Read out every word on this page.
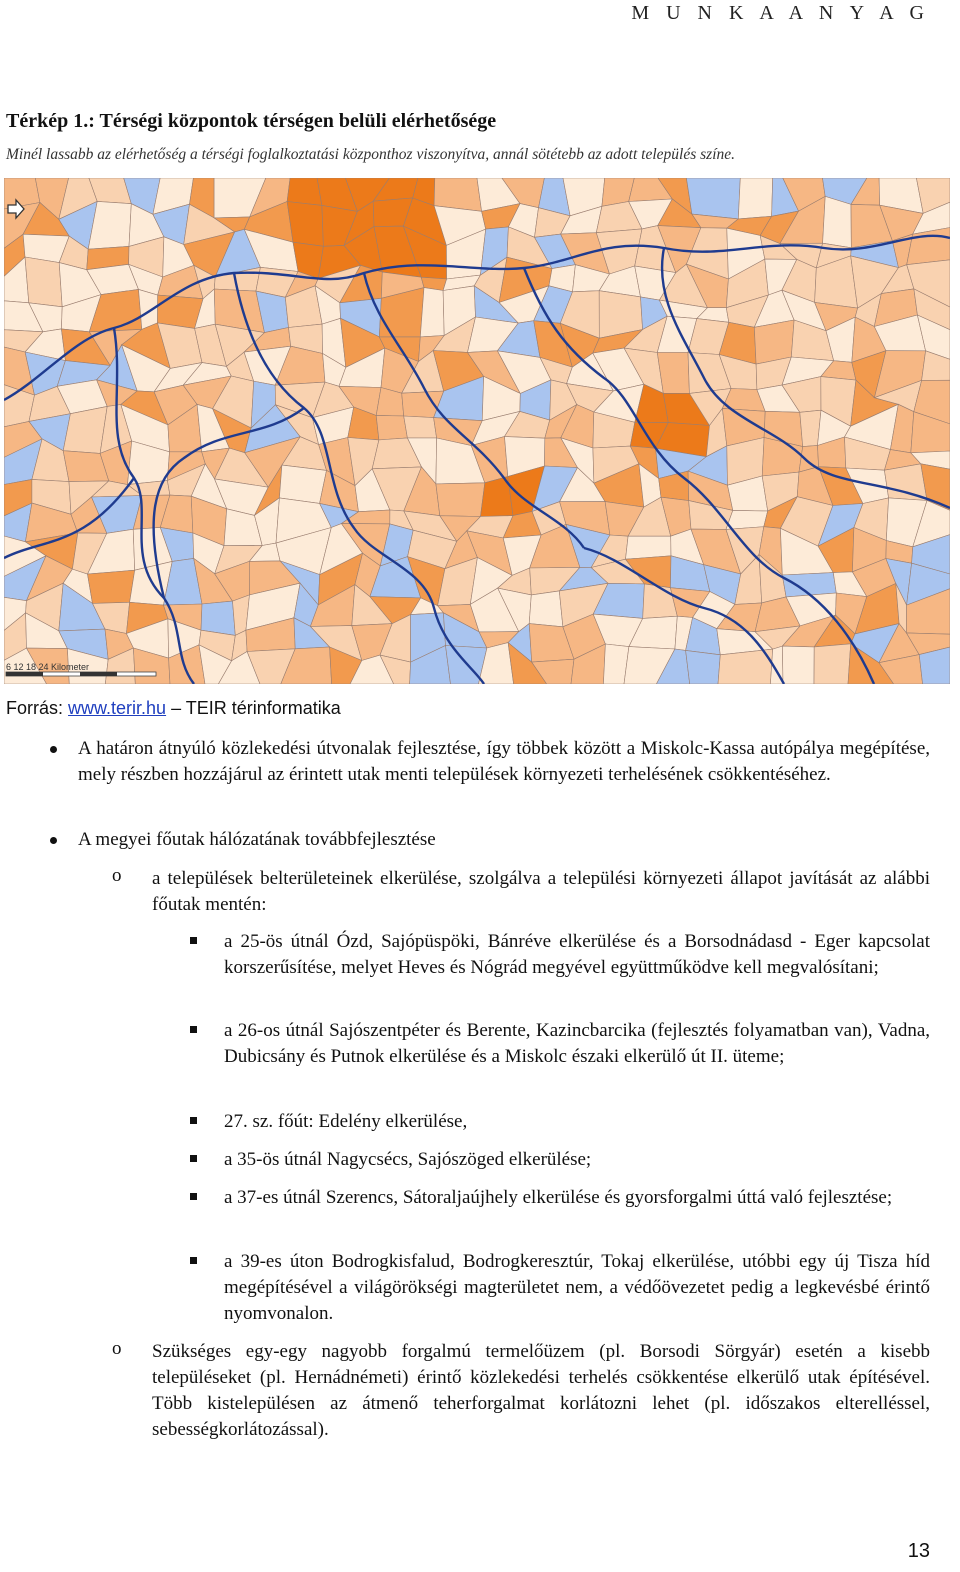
M U N K A A N Y A G
Térkép 1.: Térségi központok térségen belüli elérhetősége
Minél lassabb az elérhetőség a térségi foglalkoztatási központhoz viszonyítva, annál sötétebb az adott település színe.
6 12 18 24 Kilometer
Forrás: www.terir.hu – TEIR térinformatika
A határon átnyúló közlekedési útvonalak fejlesztése, így többek között a Miskolc-Kassa autópálya megépítése, mely részben hozzájárul az érintett utak menti települések környezeti terhelésének csökkentéséhez.
A megyei főutak hálózatának továbbfejlesztése
o a települések belterületeinek elkerülése, szolgálva a települési környezeti állapot javítását az alábbi főutak mentén:
a 25-ös útnál Ózd, Sajópüspöki, Bánréve elkerülése és a Borsodnádasd - Eger kapcsolat korszerűsítése, melyet Heves és Nógrád megyével együttműködve kell megvalósítani;
a 26-os útnál Sajószentpéter és Berente, Kazincbarcika (fejlesztés folyamatban van), Vadna, Dubicsány és Putnok elkerülése és a Miskolc északi elkerülő út II. üteme;
27. sz. főút: Edelény elkerülése,
a 35-ös útnál Nagycsécs, Sajószöged elkerülése;
a 37-es útnál Szerencs, Sátoraljaújhely elkerülése és gyorsforgalmi úttá való fejlesztése;
a 39-es úton Bodrogkisfalud, Bodrogkeresztúr, Tokaj elkerülése, utóbbi egy új Tisza híd megépítésével a világörökségi magterületet nem, a védőövezetet pedig a legkevésbé érintő nyomvonalon.
o Szükséges egy-egy nagyobb forgalmú termelőüzem (pl. Borsodi Sörgyár) esetén a kisebb településeket (pl. Hernádnémeti) érintő közlekedési terhelés csökkentése elkerülő utak építésével. Több kistelepülésen az átmenő teherforgalmat korlátozni lehet (pl. időszakos elterelléssel, sebességkorlátozással).
13
